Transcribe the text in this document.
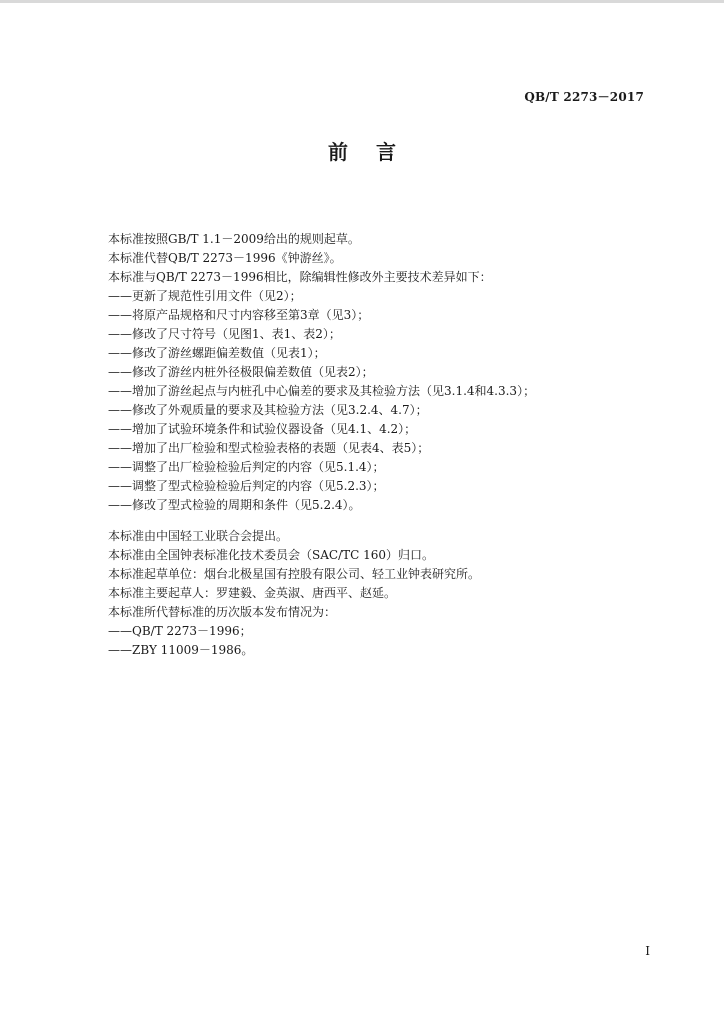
QB/T 2273－2017
前言
本标准按照GB/T 1.1－2009给出的规则起草。
本标准代替QB/T 2273－1996《钟游丝》。
本标准与QB/T 2273－1996相比，除编辑性修改外主要技术差异如下：
——更新了规范性引用文件（见2）；
——将原产品规格和尺寸内容移至第3章（见3）；
——修改了尺寸符号（见图1、表1、表2）；
——修改了游丝螺距偏差数值（见表1）；
——修改了游丝内桩外径极限偏差数值（见表2）；
——增加了游丝起点与内桩孔中心偏差的要求及其检验方法（见3.1.4和4.3.3）；
——修改了外观质量的要求及其检验方法（见3.2.4、4.7）；
——增加了试验环境条件和试验仪器设备（见4.1、4.2）；
——增加了出厂检验和型式检验表格的表题（见表4、表5）；
——调整了出厂检验检验后判定的内容（见5.1.4）；
——调整了型式检验检验后判定的内容（见5.2.3）；
——修改了型式检验的周期和条件（见5.2.4）。
本标准由中国轻工业联合会提出。
本标准由全国钟表标准化技术委员会（SAC/TC 160）归口。
本标准起草单位：烟台北极星国有控股有限公司、轻工业钟表研究所。
本标准主要起草人：罗建毅、金英淑、唐西平、赵延。
本标准所代替标准的历次版本发布情况为：
——QB/T 2273－1996；
——ZBY 11009－1986。
I
